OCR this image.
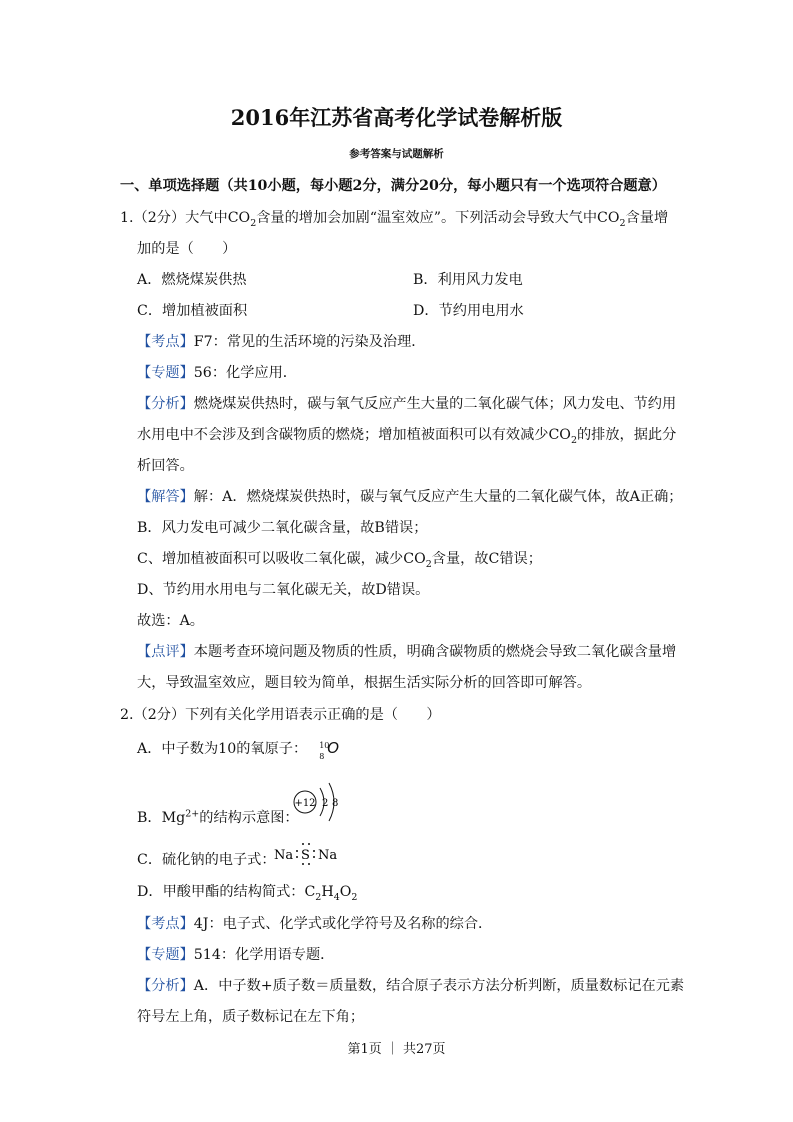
2016年江苏省高考化学试卷解析版
参考答案与试题解析
一、单项选择题（共10小题，每小题2分，满分20分，每小题只有一个选项符合题意）
1.（2分）大气中$CO_2$含量的增加会加剧“温室效应”。下列活动会导致大气中$CO_2$含量增
加的是（　　）
A．燃烧煤炭供热	B．利用风力发电
C．增加植被面积	D．节约用电用水
【考点】F7：常见的生活环境的污染及治理．
【专题】56：化学应用．
【分析】燃烧煤炭供热时，碳与氧气反应产生大量的二氧化碳气体；风力发电、节约用
水用电中不会涉及到含碳物质的燃烧；增加植被面积可以有效减少$CO_2$的排放，据此分
析回答。
【解答】解：A．燃烧煤炭供热时，碳与氧气反应产生大量的二氧化碳气体，故A正确；
B．风力发电可减少二氧化碳含量，故B错误；
C、增加植被面积可以吸收二氧化碳，减少$CO_2$含量，故C错误；
D、节约用水用电与二氧化碳无关，故D错误。
故选：A。
【点评】本题考查环境问题及物质的性质，明确含碳物质的燃烧会导致二氧化碳含量增
大，导致温室效应，题目较为简单，根据生活实际分析的回答即可解答。
2.（2分）下列有关化学用语表示正确的是（　　）
A．中子数为10的氧原子： 10
8 O
B．$Mg^{2+}$的结构示意图：
+12 2 8
C．硫化钠的电子式：
Na S Na
D．甲酸甲酯的结构简式：$C_2H_4O_2$
【考点】4J：电子式、化学式或化学符号及名称的综合．
【专题】514：化学用语专题．
【分析】A．中子数+质子数＝质量数，结合原子表示方法分析判断，质量数标记在元素
符号左上角，质子数标记在左下角；
第1页 ｜ 共27页
